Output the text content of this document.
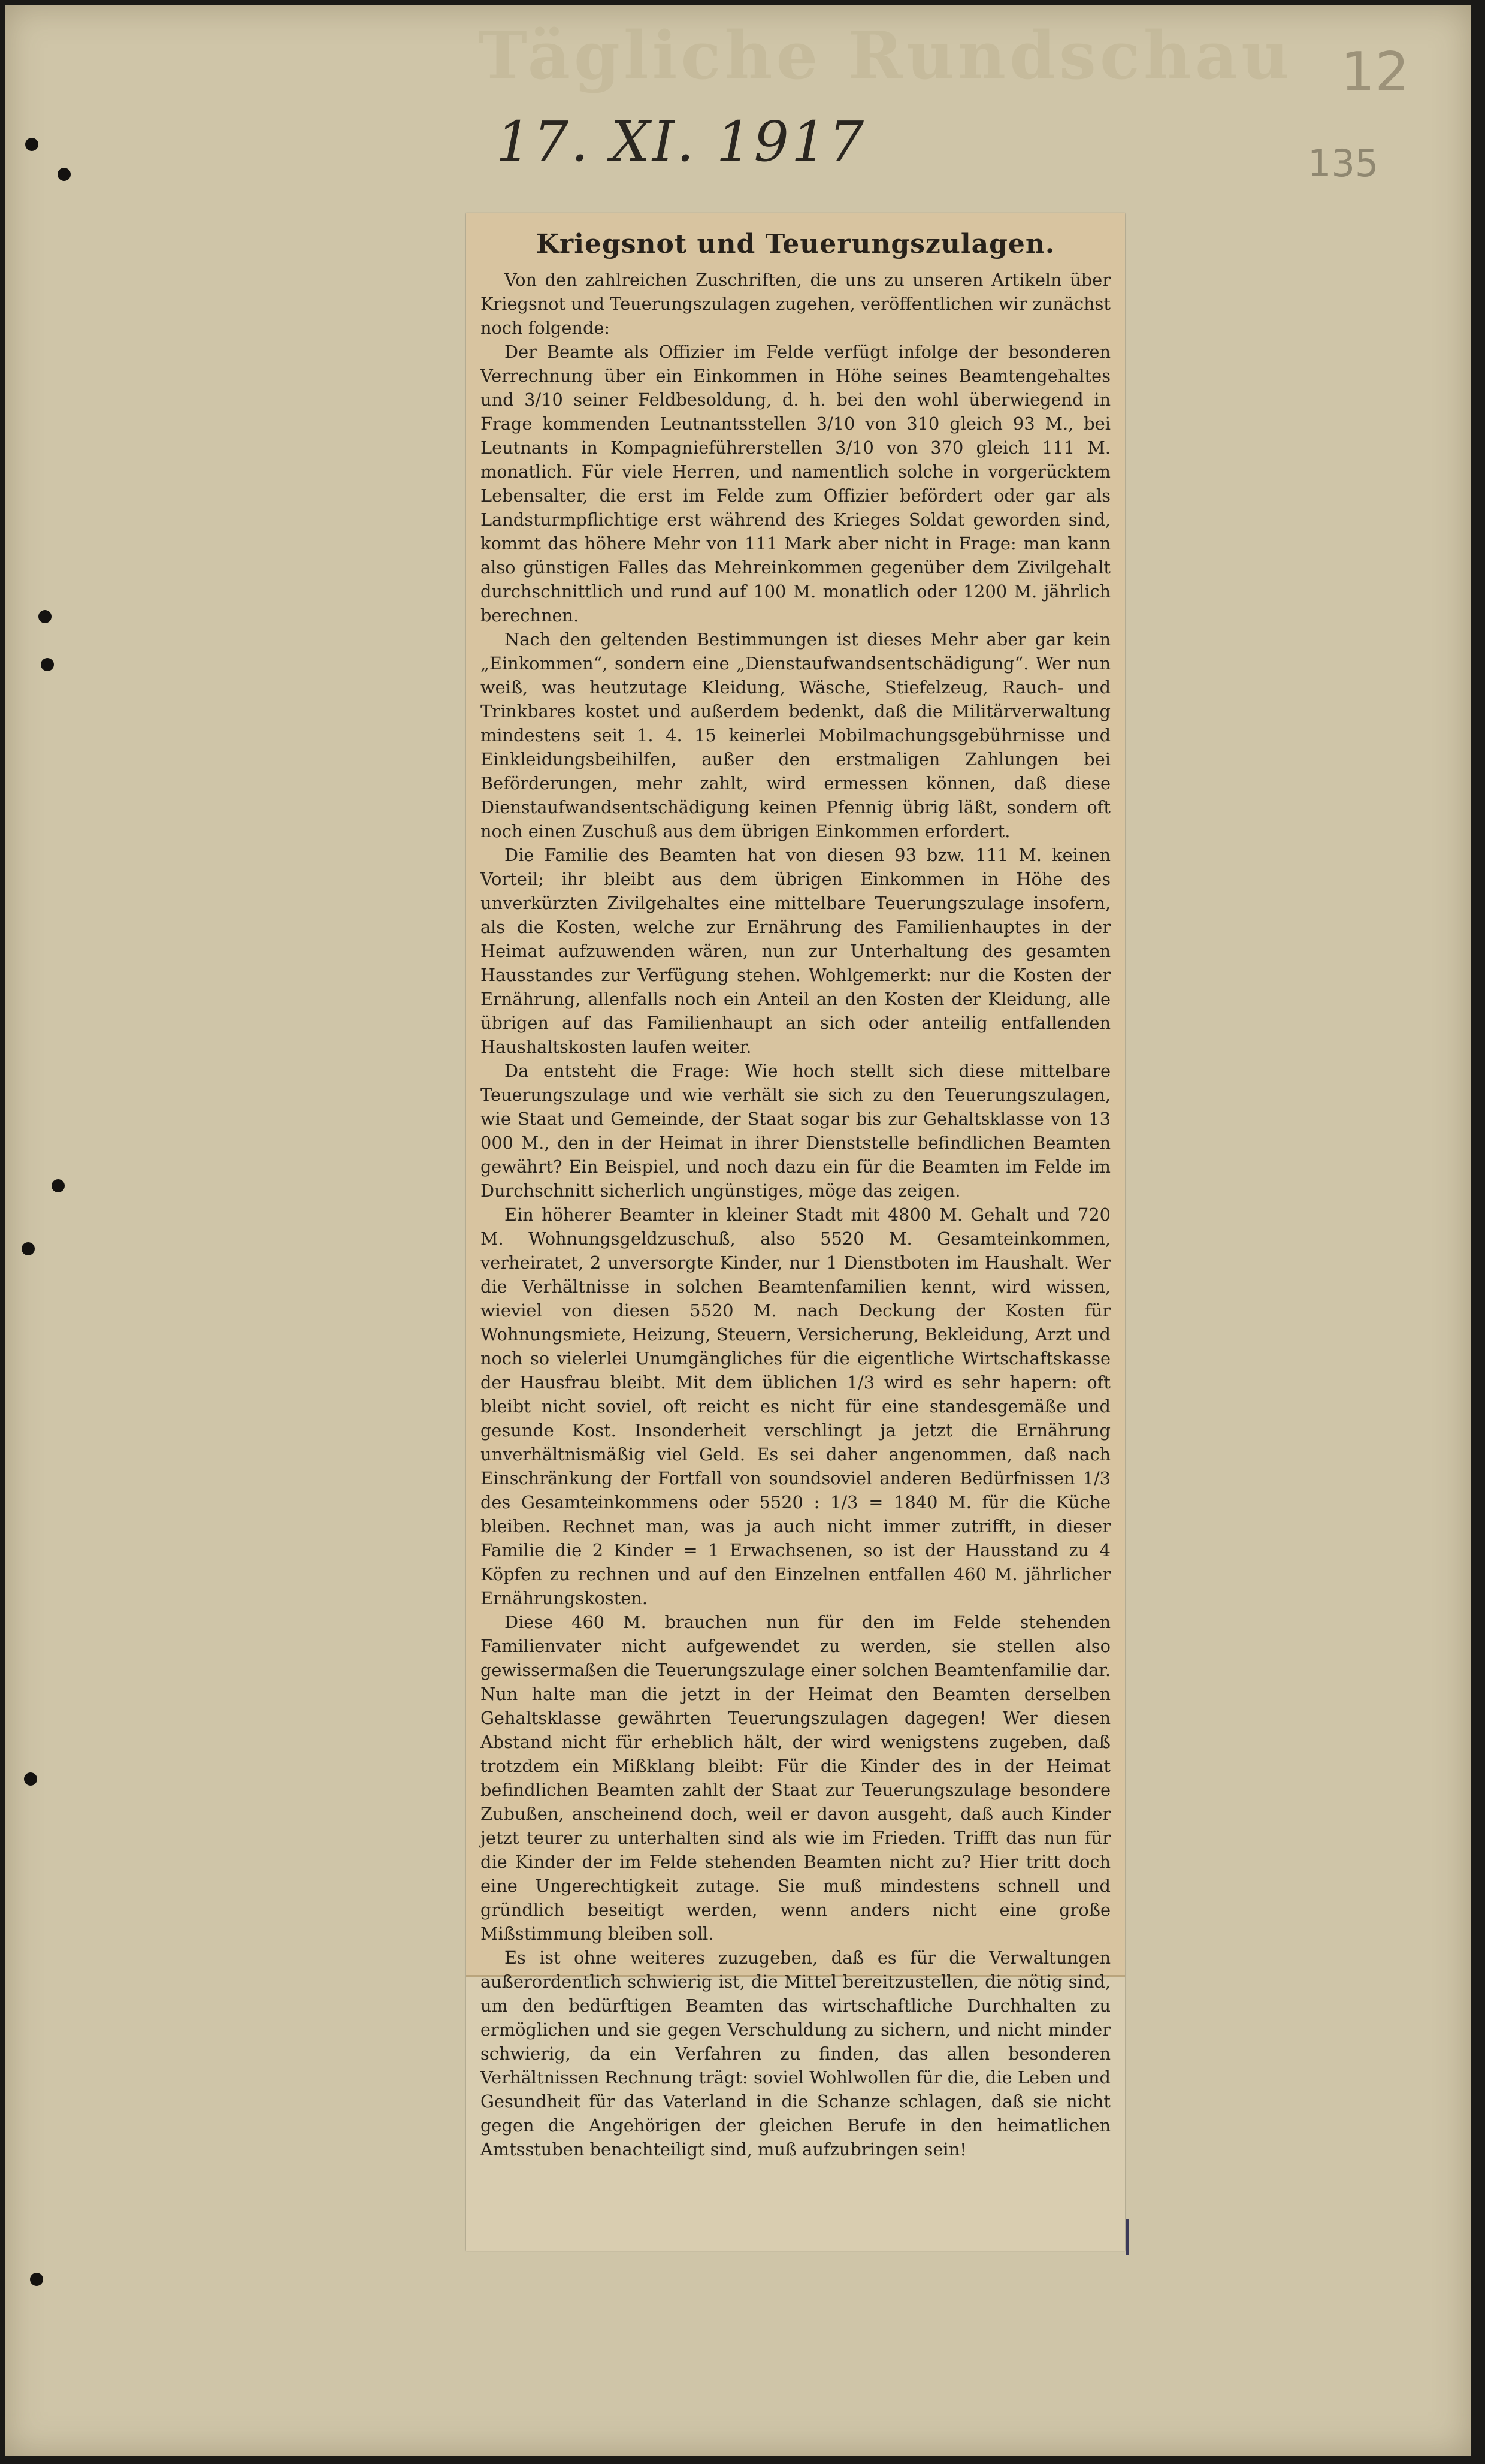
Tägliche Rundschau
17. XI. 1917
12
135
Kriegsnot und Teuerungszulagen.

Von den zahlreichen Zuschriften, die uns zu unseren Artikeln über Kriegsnot und Teuerungszulagen zugehen, veröffentlichen wir zunächst noch folgende:

Der Beamte als Offizier im Felde verfügt infolge der besonderen Verrechnung über ein Einkommen in Höhe seines Beamtengehaltes und 3/10 seiner Feldbesoldung, d. h. bei den wohl überwiegend in Frage kommenden Leutnantsstellen 3/10 von 310 gleich 93 M., bei Leutnants in Kompagnieführerstellen 3/10 von 370 gleich 111 M. monatlich. Für viele Herren, und namentlich solche in vorgerücktem Lebensalter, die erst im Felde zum Offizier befördert oder gar als Landsturmpflichtige erst während des Krieges Soldat geworden sind, kommt das höhere Mehr von 111 Mark aber nicht in Frage: man kann also günstigen Falles das Mehreinkommen gegenüber dem Zivilgehalt durchschnittlich und rund auf 100 M. monatlich oder 1200 M. jährlich berechnen.

Nach den geltenden Bestimmungen ist dieses Mehr aber gar kein „Einkommen“, sondern eine „Dienstaufwandsentschädigung“. Wer nun weiß, was heutzutage Kleidung, Wäsche, Stiefelzeug, Rauch- und Trinkbares kostet und außerdem bedenkt, daß die Militärverwaltung mindestens seit 1. 4. 15 keinerlei Mobilmachungsgebührnisse und Einkleidungsbeihilfen, außer den erstmaligen Zahlungen bei Beförderungen, mehr zahlt, wird ermessen können, daß diese Dienstaufwandsentschädigung keinen Pfennig übrig läßt, sondern oft noch einen Zuschuß aus dem übrigen Einkommen erfordert.

Die Familie des Beamten hat von diesen 93 bzw. 111 M. keinen Vorteil; ihr bleibt aus dem übrigen Einkommen in Höhe des unverkürzten Zivilgehaltes eine mittelbare Teuerungszulage insofern, als die Kosten, welche zur Ernährung des Familienhauptes in der Heimat aufzuwenden wären, nun zur Unterhaltung des gesamten Hausstandes zur Verfügung stehen. Wohlgemerkt: nur die Kosten der Ernährung, allenfalls noch ein Anteil an den Kosten der Kleidung, alle übrigen auf das Familienhaupt an sich oder anteilig entfallenden Haushaltskosten laufen weiter.

Da entsteht die Frage: Wie hoch stellt sich diese mittelbare Teuerungszulage und wie verhält sie sich zu den Teuerungszulagen, wie Staat und Gemeinde, der Staat sogar bis zur Gehaltsklasse von 13 000 M., den in der Heimat in ihrer Dienststelle befindlichen Beamten gewährt? Ein Beispiel, und noch dazu ein für die Beamten im Felde im Durchschnitt sicherlich ungünstiges, möge das zeigen.

Ein höherer Beamter in kleiner Stadt mit 4800 M. Gehalt und 720 M. Wohnungsgeldzuschuß, also 5520 M. Gesamteinkommen, verheiratet, 2 unversorgte Kinder, nur 1 Dienstboten im Haushalt. Wer die Verhältnisse in solchen Beamtenfamilien kennt, wird wissen, wieviel von diesen 5520 M. nach Deckung der Kosten für Wohnungsmiete, Heizung, Steuern, Versicherung, Bekleidung, Arzt und noch so vielerlei Unumgängliches für die eigentliche Wirtschaftskasse der Hausfrau bleibt. Mit dem üblichen 1/3 wird es sehr hapern: oft bleibt nicht soviel, oft reicht es nicht für eine standesgemäße und gesunde Kost. Insonderheit verschlingt ja jetzt die Ernährung unverhältnismäßig viel Geld. Es sei daher angenommen, daß nach Einschränkung der Fortfall von soundsoviel anderen Bedürfnissen 1/3 des Gesamteinkommens oder 5520 : 1/3 = 1840 M. für die Küche bleiben. Rechnet man, was ja auch nicht immer zutrifft, in dieser Familie die 2 Kinder = 1 Erwachsenen, so ist der Hausstand zu 4 Köpfen zu rechnen und auf den Einzelnen entfallen 460 M. jährlicher Ernährungskosten.

Diese 460 M. brauchen nun für den im Felde stehenden Familienvater nicht aufgewendet zu werden, sie stellen also gewissermaßen die Teuerungszulage einer solchen Beamtenfamilie dar. Nun halte man die jetzt in der Heimat den Beamten derselben Gehaltsklasse gewährten Teuerungszulagen dagegen! Wer diesen Abstand nicht für erheblich hält, der wird wenigstens zugeben, daß trotzdem ein Mißklang bleibt: Für die Kinder des in der Heimat befindlichen Beamten zahlt der Staat zur Teuerungszulage besondere Zubußen, anscheinend doch, weil er davon ausgeht, daß auch Kinder jetzt teurer zu unterhalten sind als wie im Frieden. Trifft das nun für die Kinder der im Felde stehenden Beamten nicht zu? Hier tritt doch eine Ungerechtigkeit zutage. Sie muß mindestens schnell und gründlich beseitigt werden, wenn anders nicht eine große Mißstimmung bleiben soll.

Es ist ohne weiteres zuzugeben, daß es für die Verwaltungen außerordentlich schwierig ist, die Mittel bereitzustellen, die nötig sind, um den bedürftigen Beamten das wirtschaftliche Durchhalten zu ermöglichen und sie gegen Verschuldung zu sichern, und nicht minder schwierig, da ein Verfahren zu finden, das allen besonderen Verhältnissen Rechnung trägt: soviel Wohlwollen für die, die Leben und Gesundheit für das Vaterland in die Schanze schlagen, daß sie nicht gegen die Angehörigen der gleichen Berufe in den heimatlichen Amtsstuben benachteiligt sind, muß aufzubringen sein!
